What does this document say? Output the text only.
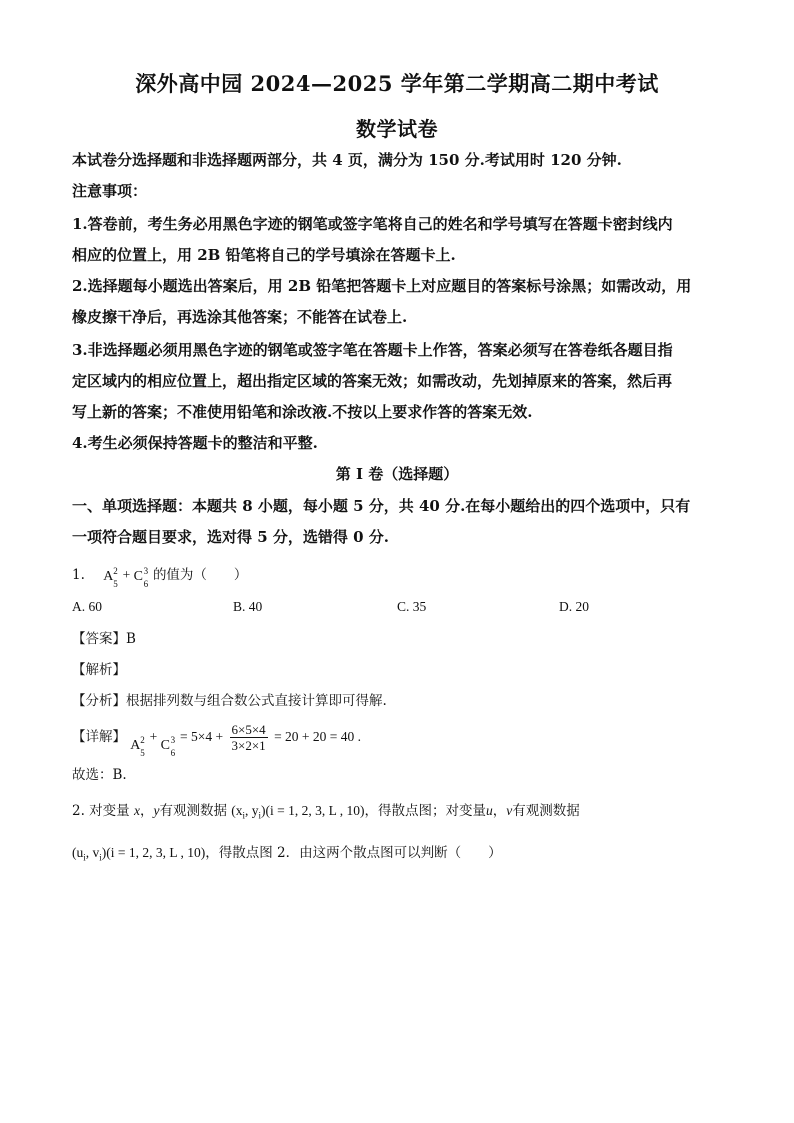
深外高中园 2024—2025 学年第二学期高二期中考试
数学试卷
本试卷分选择题和非选择题两部分，共 4 页，满分为 150 分.考试用时 120 分钟.
注意事项：
1.答卷前，考生务必用黑色字迹的钢笔或签字笔将自己的姓名和学号填写在答题卡密封线内
相应的位置上，用 2B 铅笔将自己的学号填涂在答题卡上.
2.选择题每小题选出答案后，用 2B 铅笔把答题卡上对应题目的答案标号涂黑；如需改动，用
橡皮擦干净后，再选涂其他答案；不能答在试卷上.
3.非选择题必须用黑色字迹的钢笔或签字笔在答题卡上作答，答案必须写在答卷纸各题目指
定区域内的相应位置上，超出指定区域的答案无效；如需改动，先划掉原来的答案，然后再
写上新的答案；不准使用铅笔和涂改液.不按以上要求作答的答案无效.
4.考生必须保持答题卡的整洁和平整.
第 I 卷（选择题）
一、单项选择题：本题共 8 小题，每小题 5 分，共 40 分.在每小题给出的四个选项中，只有
一项符合题目要求，选对得 5 分，选错得 0 分.
1. A 2
5
+ C 3
6
的值为（　　）
A. 60	B. 40	C. 35	D. 20
【答案】B
【解析】
【分析】根据排列数与组合数公式直接计算即可得解.
【详解】
A 2
5
+
C 3
6
= $5\times 4 + \frac{6\times 5\times 4}{3\times 2\times 1} = 20 + 20 = 40$ .
故选：B.
2. 对变量 x，y有观测数据 ($x_i$, $y_i)(i = 1$, 2, 3, L , 10)，得散点图；对变量u，v有观测数据
($u_i$, $v_i)(i = 1$, 2, 3, L , 10)，得散点图 2．由这两个散点图可以判断（　　）
